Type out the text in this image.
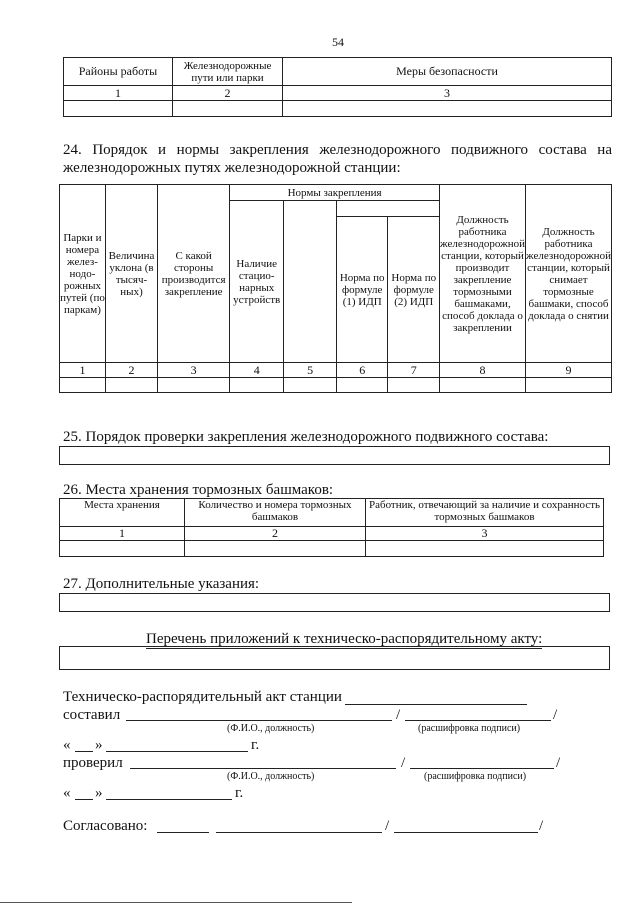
54
Районы работы	Железнодорожные пути или парки	Меры безопасности
1	2	3

24. Порядок и нормы закрепления железнодорожного подвижного состава на железнодорожных путях железнодорожной станции:
Парки и номера желез-нодо-рожных путей (по паркам)	Величина уклона (в тысяч-ных)	С какой стороны производится закрепление	Нормы закрепления				Должность работника железнодорожной станции, который производит закрепление тормозными башмаками, способ доклада о закреплении	Должность работника железнодорожной станции, который снимает тормозные башмаки, способ доклада о снятии
			Наличие стацио-нарных устройств					
					Норма по формуле (1) ИДП	Норма по формуле (2) ИДП		
1	2	3	4	5	6	7	8	9

25. Порядок проверки закрепления железнодорожного подвижного состава:
26. Места хранения тормозных башмаков:
Места хранения	Количество и номера тормозных башмаков	Работник, отвечающий за наличие и сохранность тормозных башмаков
1	2	3

27. Дополнительные указания:
Перечень приложений к техническо-распорядительному акту:
Техническо-распорядительный акт станции
составил	/	/
(Ф.И.О., должность)	(расшифровка подписи)
« »	г.
проверил	/	/
(Ф.И.О., должность)	(расшифровка подписи)
« »	г.
Согласовано:	/	/
